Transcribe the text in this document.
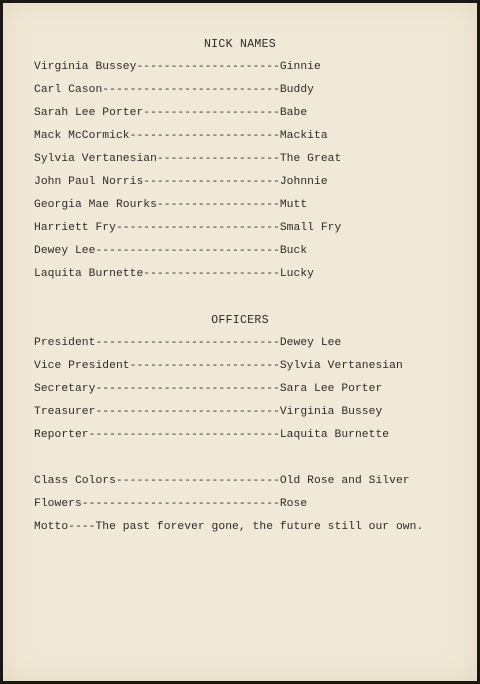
NICK NAMES
Virginia Bussey---------------------Ginnie
Carl Cason--------------------------Buddy
Sarah Lee Porter--------------------Babe
Mack McCormick----------------------Mackita
Sylvia Vertanesian------------------The Great
John Paul Norris--------------------Johnnie
Georgia Mae Rourks------------------Mutt
Harriett Fry------------------------Small Fry
Dewey Lee---------------------------Buck
Laquita Burnette--------------------Lucky
OFFICERS
President---------------------------Dewey Lee
Vice President----------------------Sylvia Vertanesian
Secretary---------------------------Sara Lee Porter
Treasurer---------------------------Virginia Bussey
Reporter----------------------------Laquita Burnette
Class Colors------------------------Old Rose and Silver
Flowers-----------------------------Rose
Motto----The past forever gone, the future still our own.
